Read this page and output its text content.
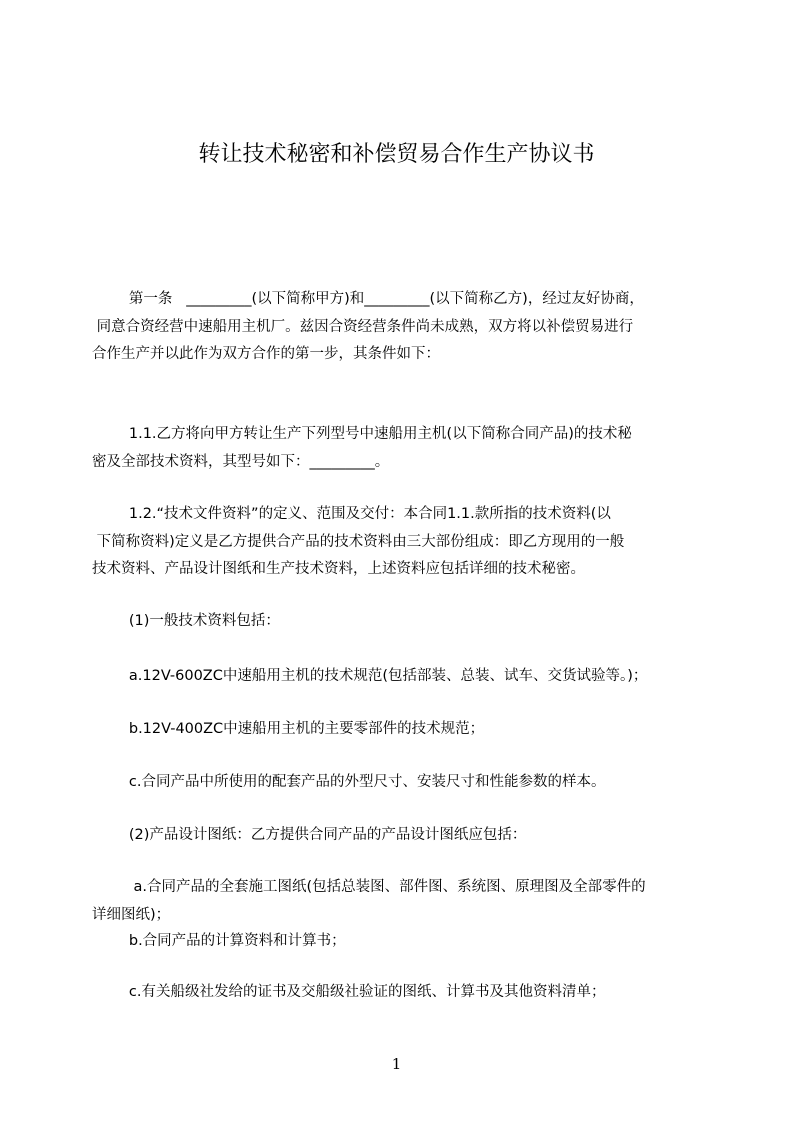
转让技术秘密和补偿贸易合作生产协议书
第一条   _________(以下简称甲方)和_________(以下简称乙方)，经过友好协商，
同意合资经营中速船用主机厂。兹因合资经营条件尚未成熟，双方将以补偿贸易进行
合作生产并以此作为双方合作的第一步，其条件如下：
1.1.乙方将向甲方转让生产下列型号中速船用主机(以下简称合同产品)的技术秘
密及全部技术资料，其型号如下：_________。
1.2.“技术文件资料”的定义、范围及交付：本合同1.1.款所指的技术资料(以
下简称资料)定义是乙方提供合产品的技术资料由三大部份组成：即乙方现用的一般
技术资料、产品设计图纸和生产技术资料，上述资料应包括详细的技术秘密。
(1)一般技术资料包括：
a.12V-600ZC中速船用主机的技术规范(包括部装、总装、试车、交货试验等。)；
b.12V-400ZC中速船用主机的主要零部件的技术规范；
c.合同产品中所使用的配套产品的外型尺寸、安装尺寸和性能参数的样本。
(2)产品设计图纸：乙方提供合同产品的产品设计图纸应包括：
a.合同产品的全套施工图纸(包括总装图、部件图、系统图、原理图及全部零件的
详细图纸)；
b.合同产品的计算资料和计算书；
c.有关船级社发给的证书及交船级社验证的图纸、计算书及其他资料清单；
1
